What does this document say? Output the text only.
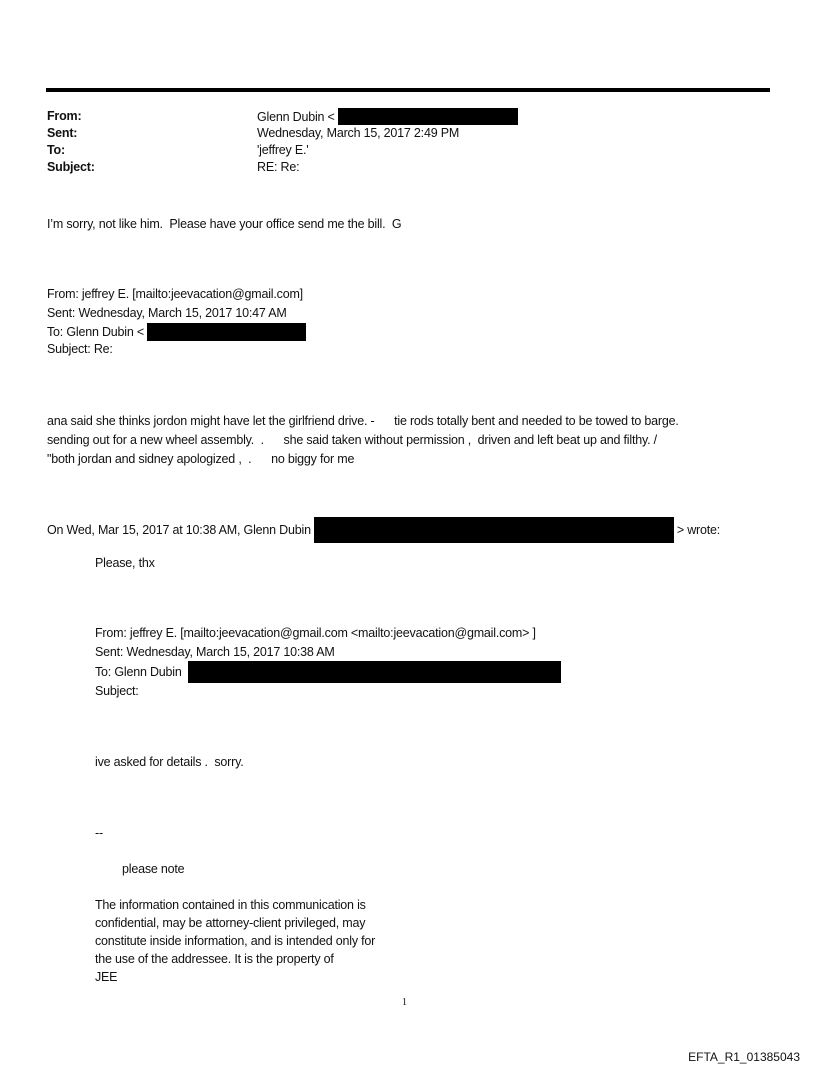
From:	Glenn Dubin <
Sent:	Wednesday, March 15, 2017 2:49 PM
To:	'jeffrey E.'
Subject:	RE: Re:
I’m sorry, not like him.  Please have your office send me the bill.  G
From: jeffrey E. [mailto:jeevacation@gmail.com]
Sent: Wednesday, March 15, 2017 10:47 AM
To: Glenn Dubin <
Subject: Re:
ana said she thinks jordon might have let the girlfriend drive. -      tie rods totally bent and needed to be towed to barge.
sending out for a new wheel assembly.  .      she said taken without permission ,  driven and left beat up and filthy. /
"both jordan and sidney apologized ,  .      no biggy for me
On Wed, Mar 15, 2017 at 10:38 AM, Glenn Dubin	> wrote:
Please, thx
From: jeffrey E. [mailto:jeevacation@gmail.com <mailto:jeevacation@gmail.com> ]
Sent: Wednesday, March 15, 2017 10:38 AM
To: Glenn Dubin
Subject:
ive asked for details .  sorry.
--
please note
The information contained in this communication is
confidential, may be attorney-client privileged, may
constitute inside information, and is intended only for
the use of the addressee. It is the property of
JEE
1
EFTA_R1_01385043
